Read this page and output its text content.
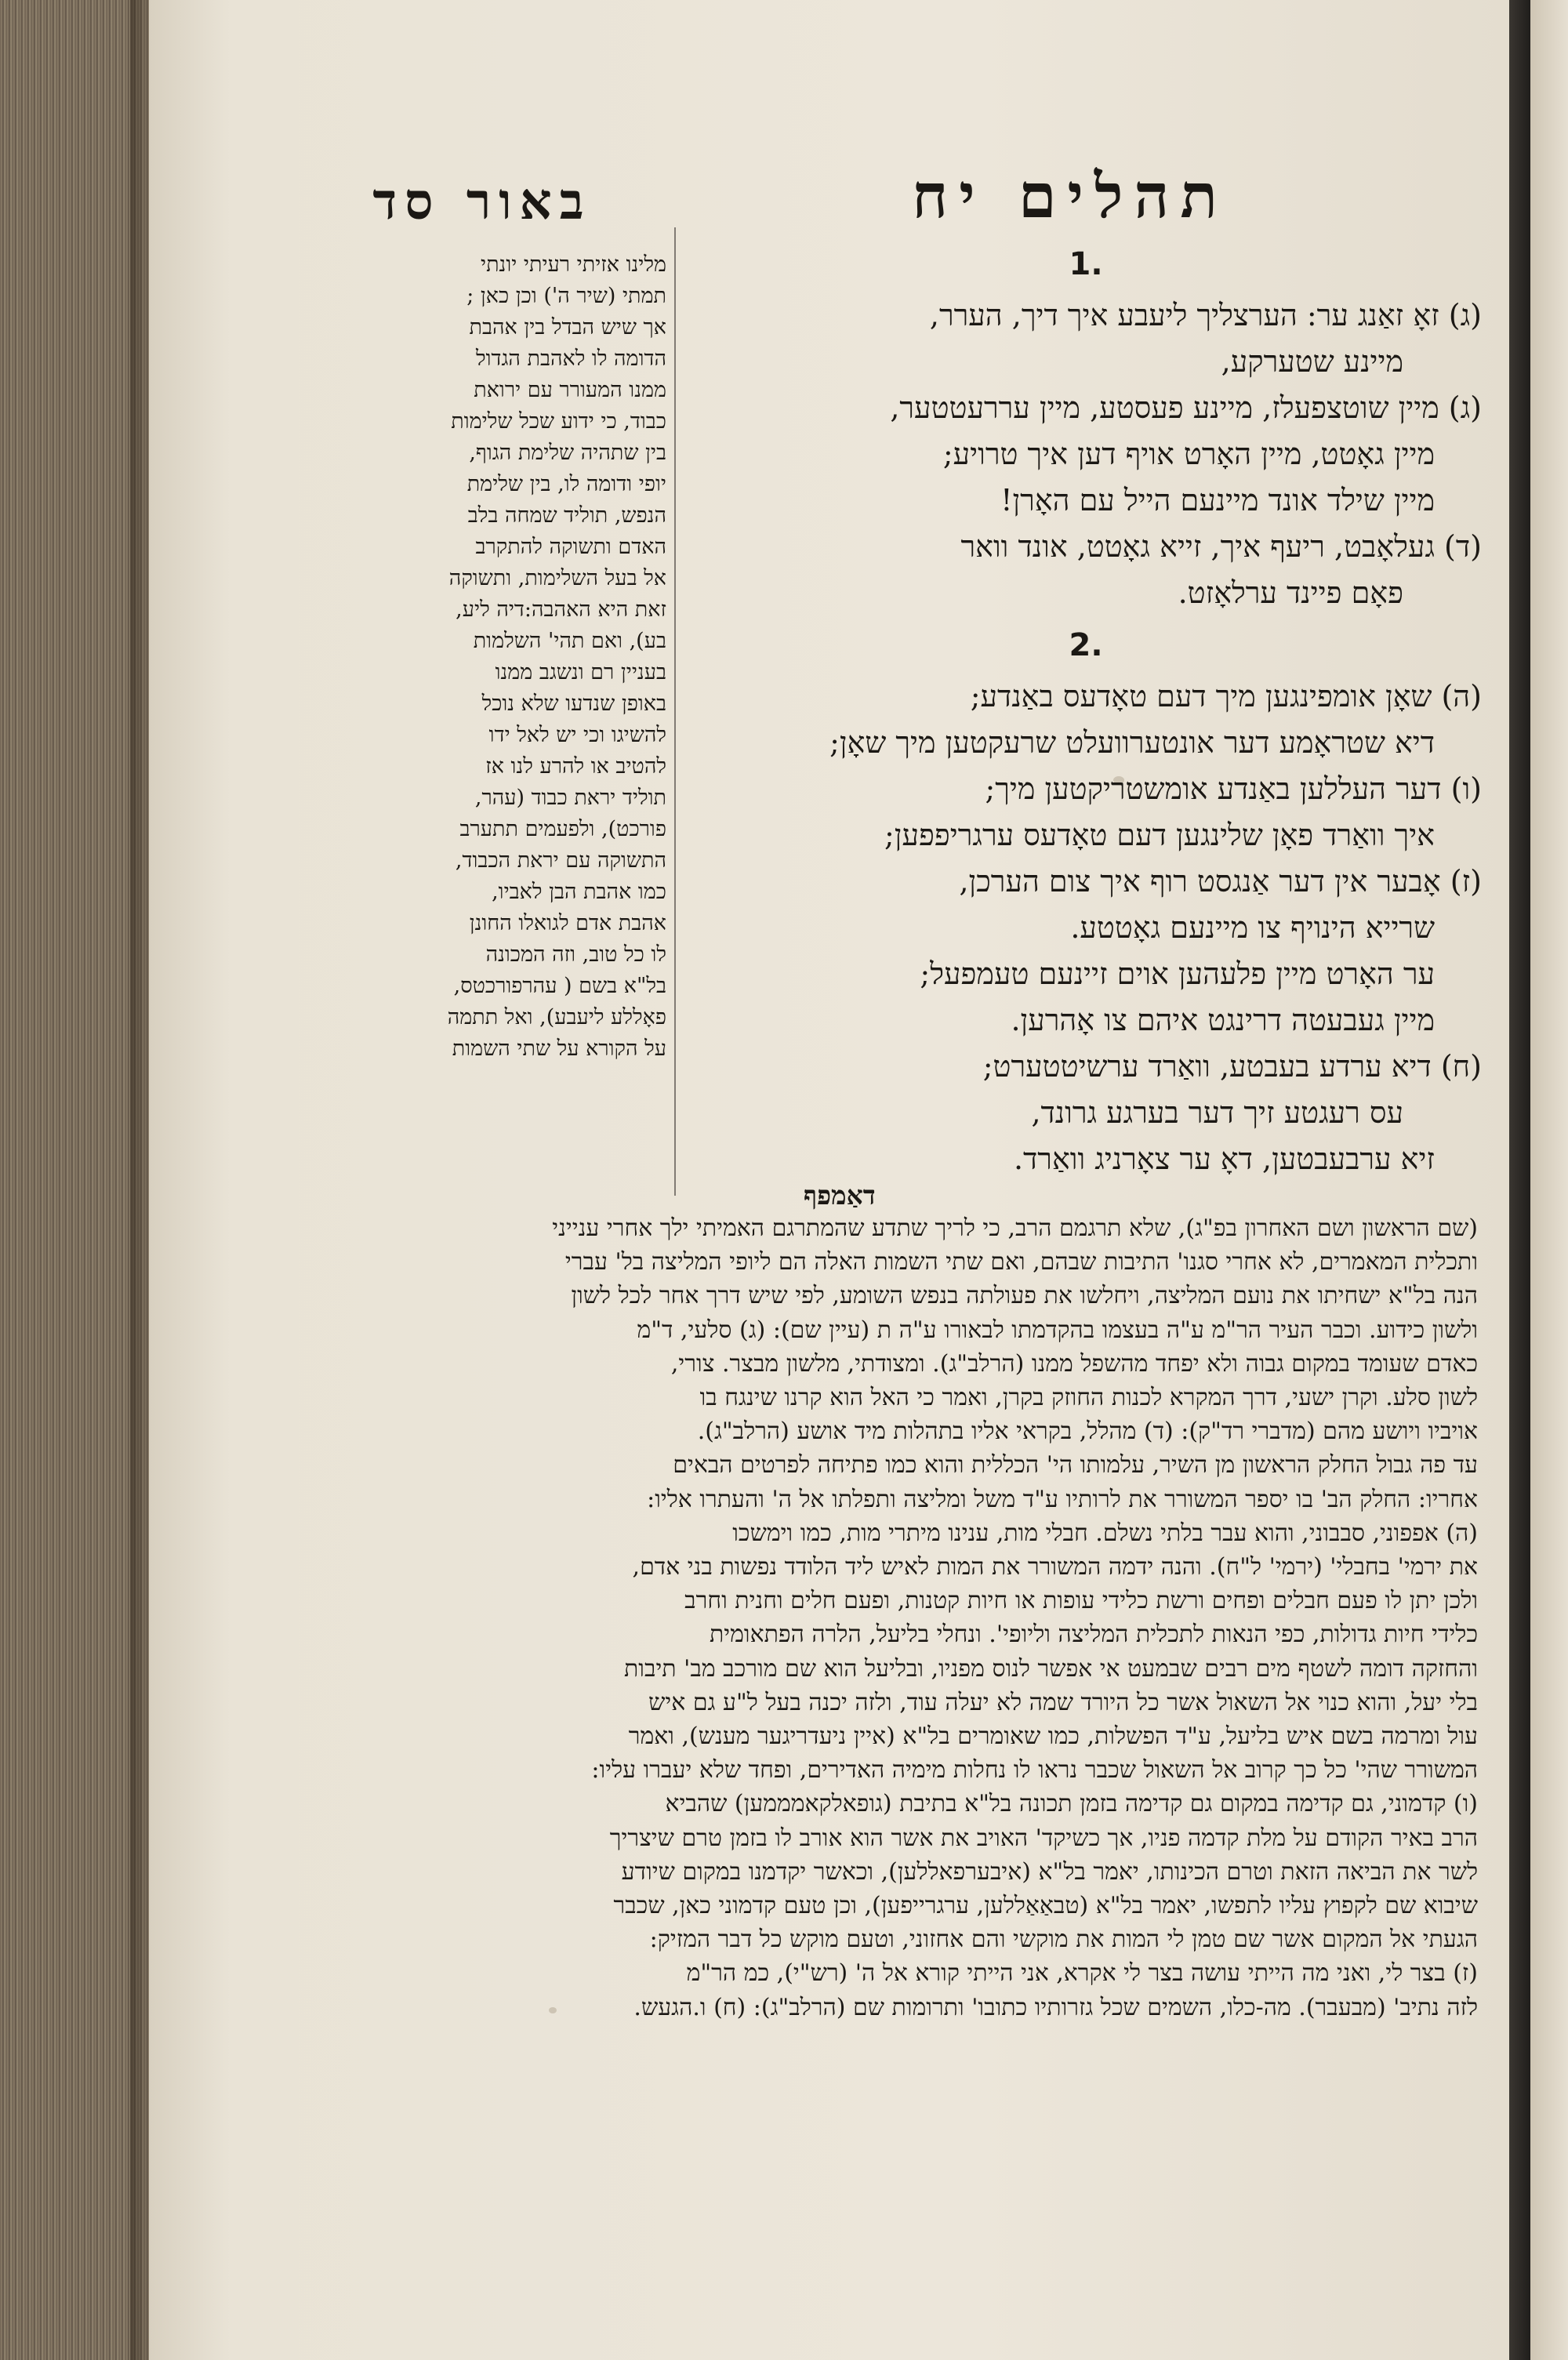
תהלים יח
באור סד
1.
(ג) זאָ זאַנג ער: הערצליך ליעבע איך דיך, הערר,
מיינע שטערקע,
(ג) מיין שוטצפעלז, מיינע פעסטע, מיין עררעטטער,
מיין גאָטט, מיין האָרט אויף דען איך טרויע;
מיין שילד אונד מיינעם הייל עם האָרן!
(ד) געלאָבט, ריעף איך, זייא גאָטט, אונד וואר
פאָם פיינד ערלאָזט.
2.
(ה) שאָן אומפינגען מיך דעם טאָדעס באַנדע;
דיא שטראָמע דער אונטערוועלט שרעקטען מיך שאָן;
(ו) דער העללען באַנדע אומשטריקטען מיך;
איך וואַרד פאָן שלינגען דעם טאָדעס ערגריפפען;
(ז) אָבער אין דער אַנגסט רוף איך צום הערכן,
שרייא הינויף צו מיינעם גאָטטע.
ער האָרט מיין פלעהען אוים זיינעם טעמפעל;
מיין געבעטה דרינגט איהם צו אָהרען.
(ח) דיא ערדע בעבטע, וואַרד ערשיטטערט;
עס רעגטע זיך דער בערגע גרונד,
זיא ערבעבטען, דאָ ער צאָרניג וואַרד.
דאַמפף
מלינו אזיתי רעיתי יונתי
תמתי (שיר ה') וכן כאן ;
אך שיש הבדל בין אהבת
הדומה לו לאהבת הגדול
ממנו המעורר עם ירואת
כבוד, כי ידוע שכל שלימות
בין שתהיה שלימת הגוף,
יופי ודומה לו, בין שלימת
הנפש, תוליד שמחה בלב
האדם ותשוקה להתקרב
אל בעל השלימות, ותשוקה
זאת היא האהבה:דיה ליע,
בע), ואם תהי' השלמות
בעניין רם ונשגב ממנו
באופן שנדעו שלא נוכל
להשיגו וכי יש לאל ידו
להטיב או להרע לנו אז
תוליד יראת כבוד (עהר,
פורכט), ולפעמים תתערב
התשוקה עם יראת הכבוד,
כמו אהבת הבן לאביו,
אהבת אדם לגואלו החונן
לו כל טוב, וזה המכונה
בל"א בשם ( עהרפורכטס,
פאָללע ליעבע), ואל תתמה
על הקורא על שתי השמות
(שם הראשון ושם האחרון בפ"ג), שלא תרגמם הרב, כי לריך שתדע שהמתרגם האמיתי ילך אחרי ענייני
ותכלית המאמרים, לא אחרי סגנו' התיבות שבהם, ואם שתי השמות האלה הם ליופי המליצה בל' עברי
הנה בל"א ישחיתו את נועם המליצה, ויחלשו את פעולתה בנפש השומע, לפי שיש דרך אחר לכל לשון
ולשון כידוע. וכבר העיר הר"מ ע"ה בעצמו בהקדמתו לבאורו ע"ה ת (עיין שם): (ג) סלעי, ד"מ
כאדם שעומד במקום גבוה ולא יפחד מהשפל ממנו (הרלב"ג). ומצודתי, מלשון מבצר. צורי,
לשון סלע. וקרן ישעי, דרך המקרא לכנות החוזק בקרן, ואמר כי האל הוא קרנו שינגח בו
אויביו ויושע מהם (מדברי רד"ק): (ד) מהלל, בקראי אליו בתהלות מיד אושע (הרלב"ג).
עד פה גבול החלק הראשון מן השיר, עלמותו הי' הכללית והוא כמו פתיחה לפרטים הבאים
אחריו: החלק הב' בו יספר המשורר את לרותיו ע"ד משל ומליצה ותפלתו אל ה' והעתרו אליו:
(ה) אפפוני, סבבוני, והוא עבר בלתי נשלם. חבלי מות, ענינו מיתרי מות, כמו וימשכו
את ירמי' בחבלי' (ירמי' ל"ח). והנה ידמה המשורר את המות לאיש ליד הלודד נפשות בני אדם,
ולכן יתן לו פעם חבלים ופחים ורשת כלידי עופות או חיות קטנות, ופעם חלים וחנית וחרב
כלידי חיות גדולות, כפי הנאות לתכלית המליצה וליופי'. ונחלי בליעל, הלרה הפתאומית
והחזקה דומה לשטף מים רבים שבמעט אי אפשר לנוס מפניו, ובליעל הוא שם מורכב מב' תיבות
בלי יעל, והוא כנוי אל השאול אשר כל היורד שמה לא יעלה עוד, ולזה יכנה בעל ל"ע גם איש
עול ומרמה בשם איש בליעל, ע"ד הפשלות, כמו שאומרים בל"א (איין ניעדריגער מענש), ואמר
המשורר שהי' כל כך קרוב אל השאול שכבר נראו לו נחלות מימיה האדירים, ופחד שלא יעברו עליו:
(ו) קדמוני, גם קדימה במקום גם קדימה בזמן תכונה בל"א בתיבת (גופאלקאמממען) שהביא
הרב באיר הקודם על מלת קדמה פניו, אך כשיקד' האויב את אשר הוא אורב לו בזמן טרם שיצריך
לשר את הביאה הזאת וטרם הכינותו, יאמר בל"א (איבערפאללען), וכאשר יקדמנו במקום שיודע
שיבוא שם לקפוץ עליו לתפשו, יאמר בל"א (טבאַאַללען, ערגרייפען), וכן טעם קדמוני כאן, שכבר
הגעתי אל המקום אשר שם טמן לי המות את מוקשי והם אחזוני, וטעם מוקש כל דבר המזיק:
(ז) בצר לי, ואני מה הייתי עושה בצר לי אקרא, אני הייתי קורא אל ה' (רש"י), כמ הר"מ
לזה נתיב' (מבעבר). מה-כלו, השמים שכל גזרותיו כתובו' ותרומות שם (הרלב"ג): (ח) ו.הגעש.
